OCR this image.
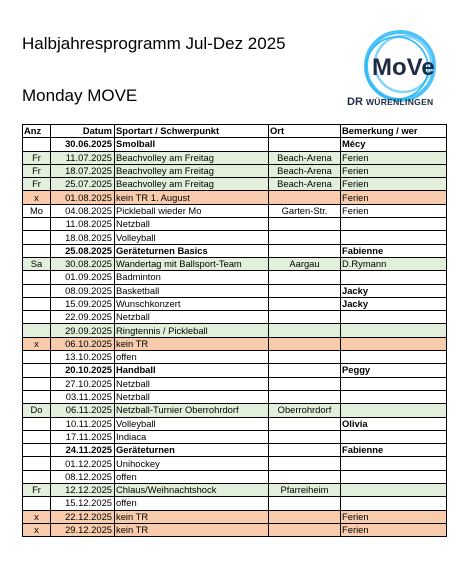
Halbjahresprogramm Jul-Dez 2025
Monday MOVE
MoVe
DR WÜRENLINGEN
Anz	Datum	Sportart / Schwerpunkt	Ort	Bemerkung / wer
	30.06.2025	Smolball		Mécy
Fr	11.07.2025	Beachvolley am Freitag	Beach-Arena	Ferien
Fr	18.07.2025	Beachvolley am Freitag	Beach-Arena	Ferien
Fr	25.07.2025	Beachvolley am Freitag	Beach-Arena	Ferien
x	01.08.2025	kein TR 1. August		Ferien
Mo	04.08.2025	Pickleball wieder Mo	Garten-Str.	Ferien
	11.08.2025	Netzball		
	18.08.2025	Volleyball		
	25.08.2025	Geräteturnen Basics		Fabienne
Sa	30.08.2025	Wandertag mit Ballsport-Team	Aargau	D.Rymann
	01.09.2025	Badminton		
	08.09.2025	Basketball		Jacky
	15.09.2025	Wunschkonzert		Jacky
	22.09.2025	Netzball		
	29.09.2025	Ringtennis / Pickleball		
x	06.10.2025	kein TR		
	13.10.2025	offen		
	20.10.2025	Handball		Peggy
	27.10.2025	Netzball		
	03.11.2025	Netzball		
Do	06.11.2025	Netzball-Turnier Oberrohrdorf	Oberrohrdorf	
	10.11.2025	Volleyball		Olivia
	17.11.2025	Indiaca		
	24.11.2025	Geräteturnen		Fabienne
	01.12.2025	Unihockey		
	08.12.2025	offen		
Fr	12.12.2025	Chlaus/Weihnachtshock	Pfarreiheim	
	15.12.2025	offen		
x	22.12.2025	kein TR		Ferien
x	29.12.2025	kein TR		Ferien
